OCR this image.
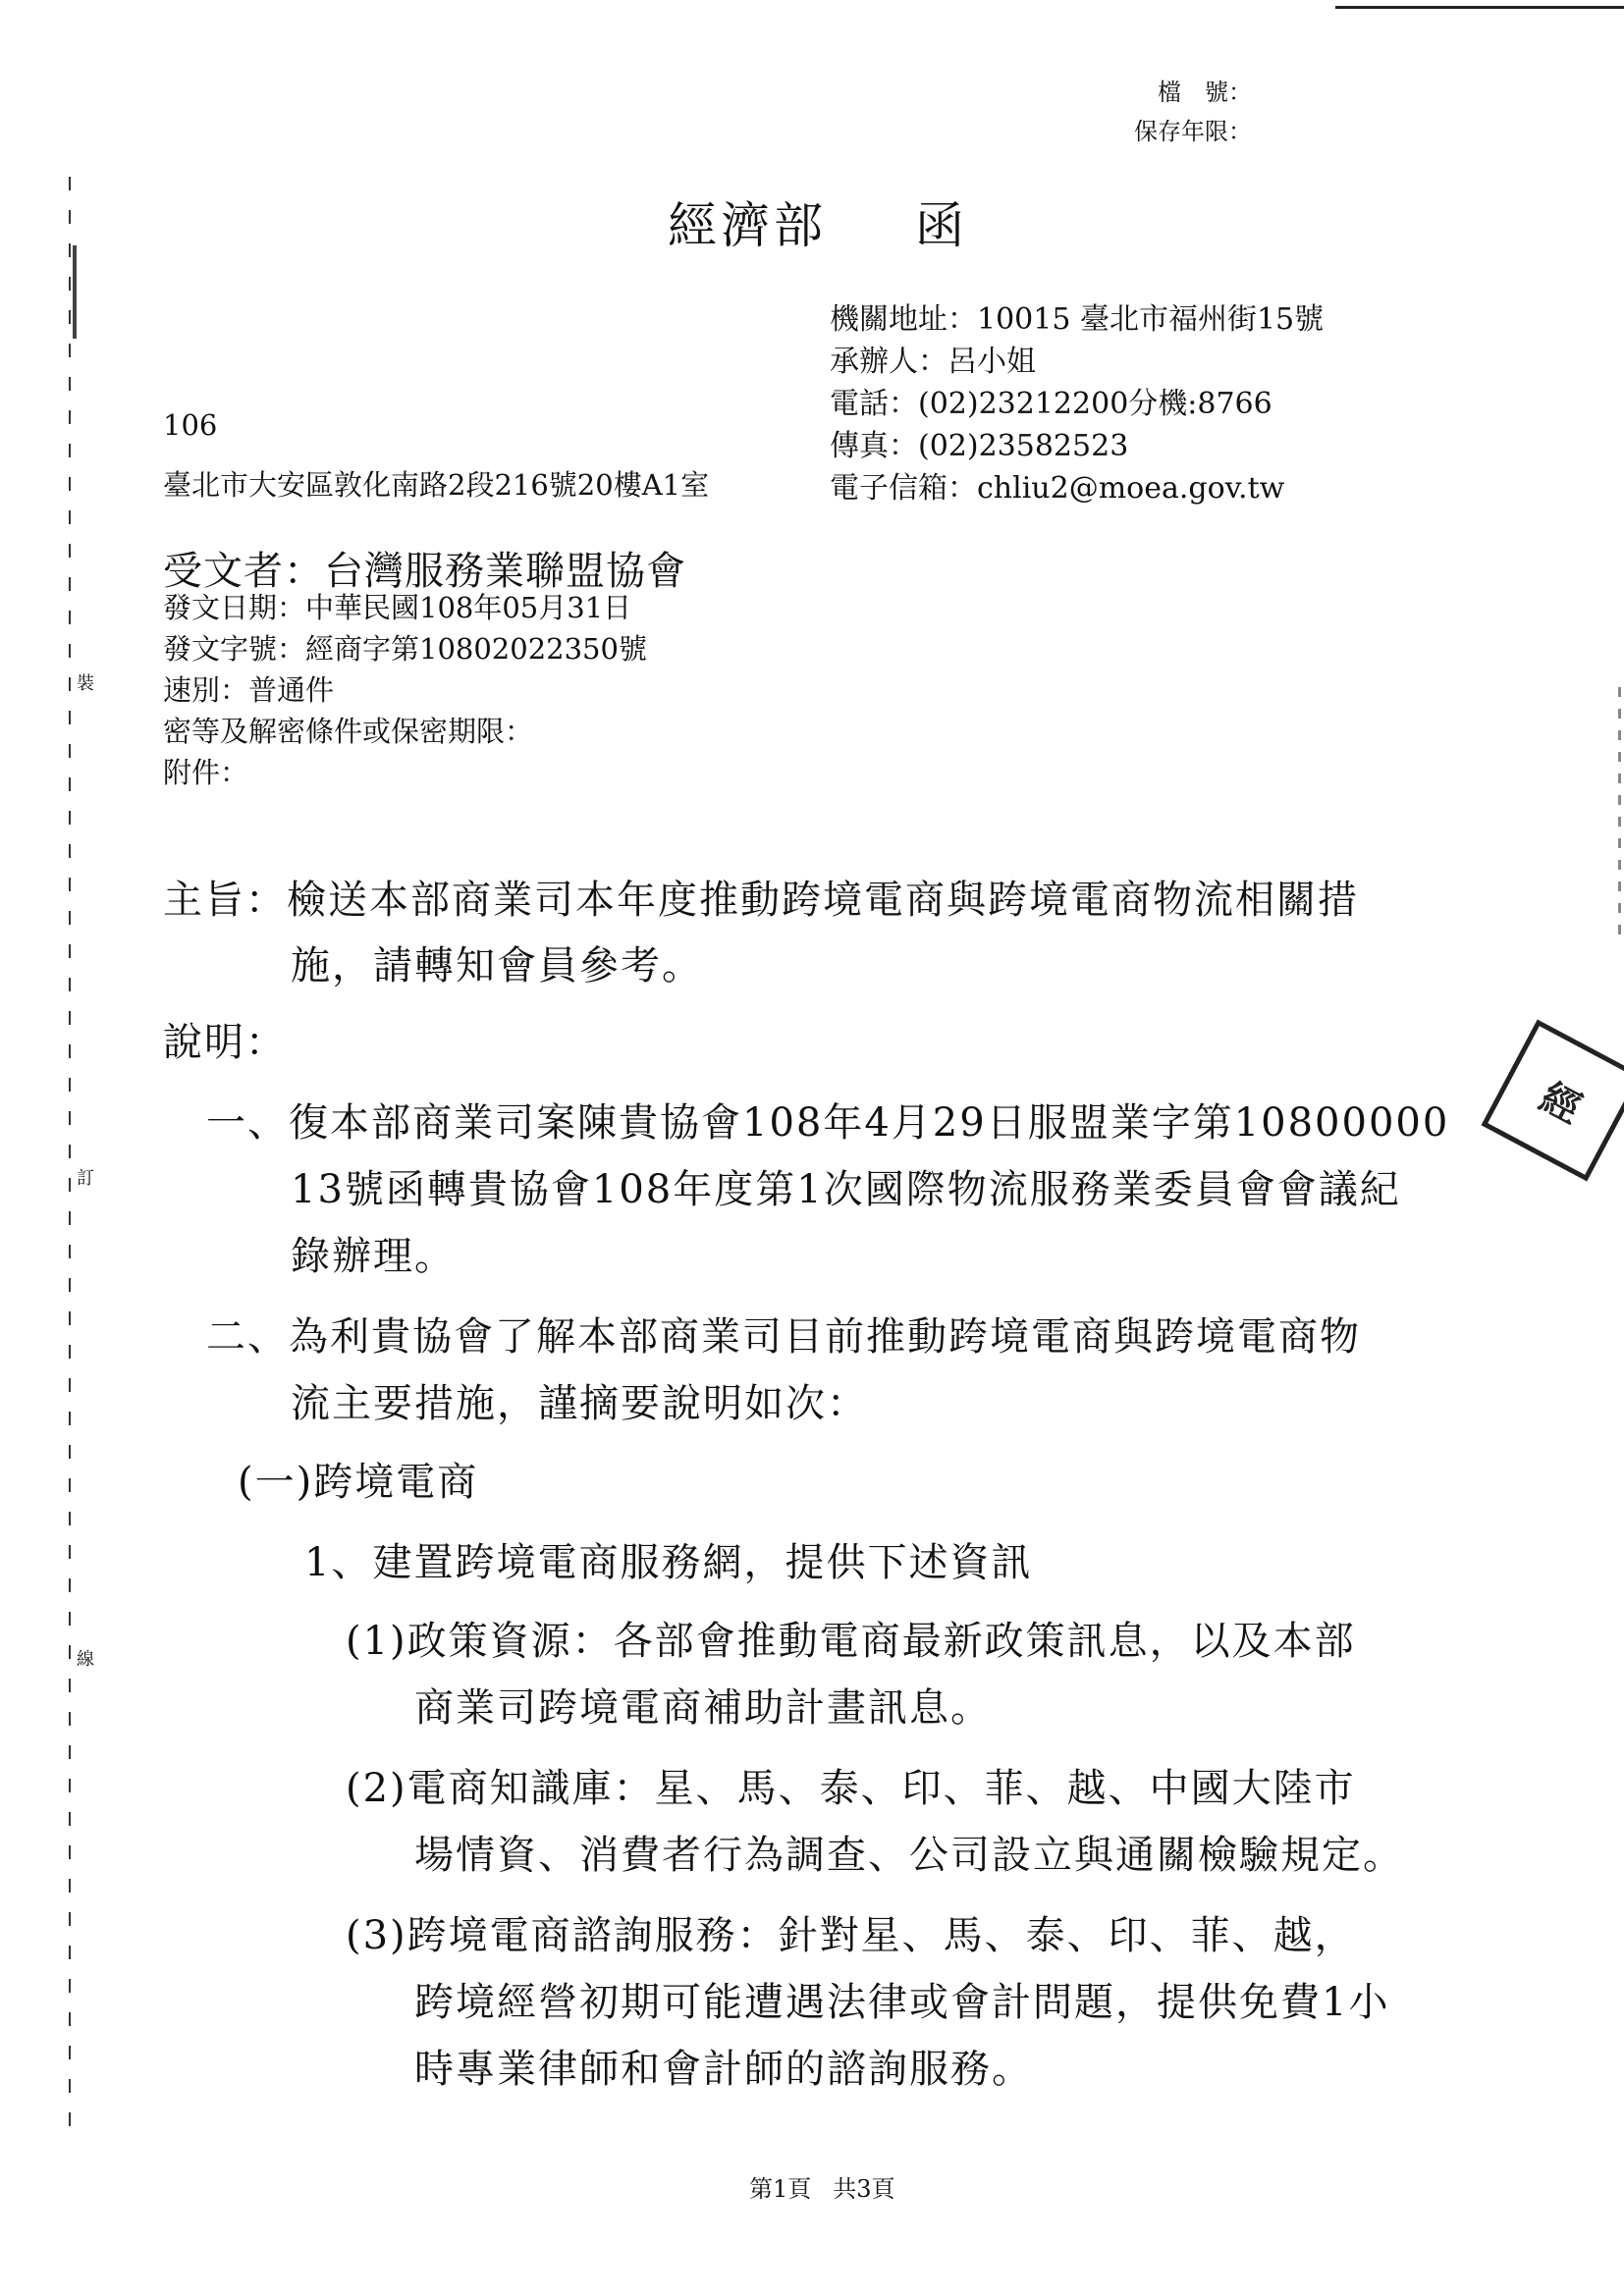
裝
訂
線
檔　號：
保存年限：
經濟部 函
機關地址：10015 臺北市福州街15號
承辦人：呂小姐
電話：(02)23212200分機:8766
傳真：(02)23582523
電子信箱：chliu2@moea.gov.tw
106
臺北市大安區敦化南路2段216號20樓A1室
受文者：台灣服務業聯盟協會
發文日期：中華民國108年05月31日
發文字號：經商字第10802022350號
速別：普通件
密等及解密條件或保密期限：
附件：
主旨：檢送本部商業司本年度推動跨境電商與跨境電商物流相關措
施，請轉知會員參考。
說明：
一、復本部商業司案陳貴協會108年4月29日服盟業字第10800000
13號函轉貴協會108年度第1次國際物流服務業委員會會議紀
錄辦理。
二、為利貴協會了解本部商業司目前推動跨境電商與跨境電商物
流主要措施，謹摘要說明如次：
(一)跨境電商
1、建置跨境電商服務網，提供下述資訊
(1)政策資源：各部會推動電商最新政策訊息，以及本部
商業司跨境電商補助計畫訊息。
(2)電商知識庫：星、馬、泰、印、菲、越、中國大陸市
場情資、消費者行為調查、公司設立與通關檢驗規定。
(3)跨境電商諮詢服務：針對星、馬、泰、印、菲、越，
跨境經營初期可能遭遇法律或會計問題，提供免費1小
時專業律師和會計師的諮詢服務。
經
第1頁 共3頁
